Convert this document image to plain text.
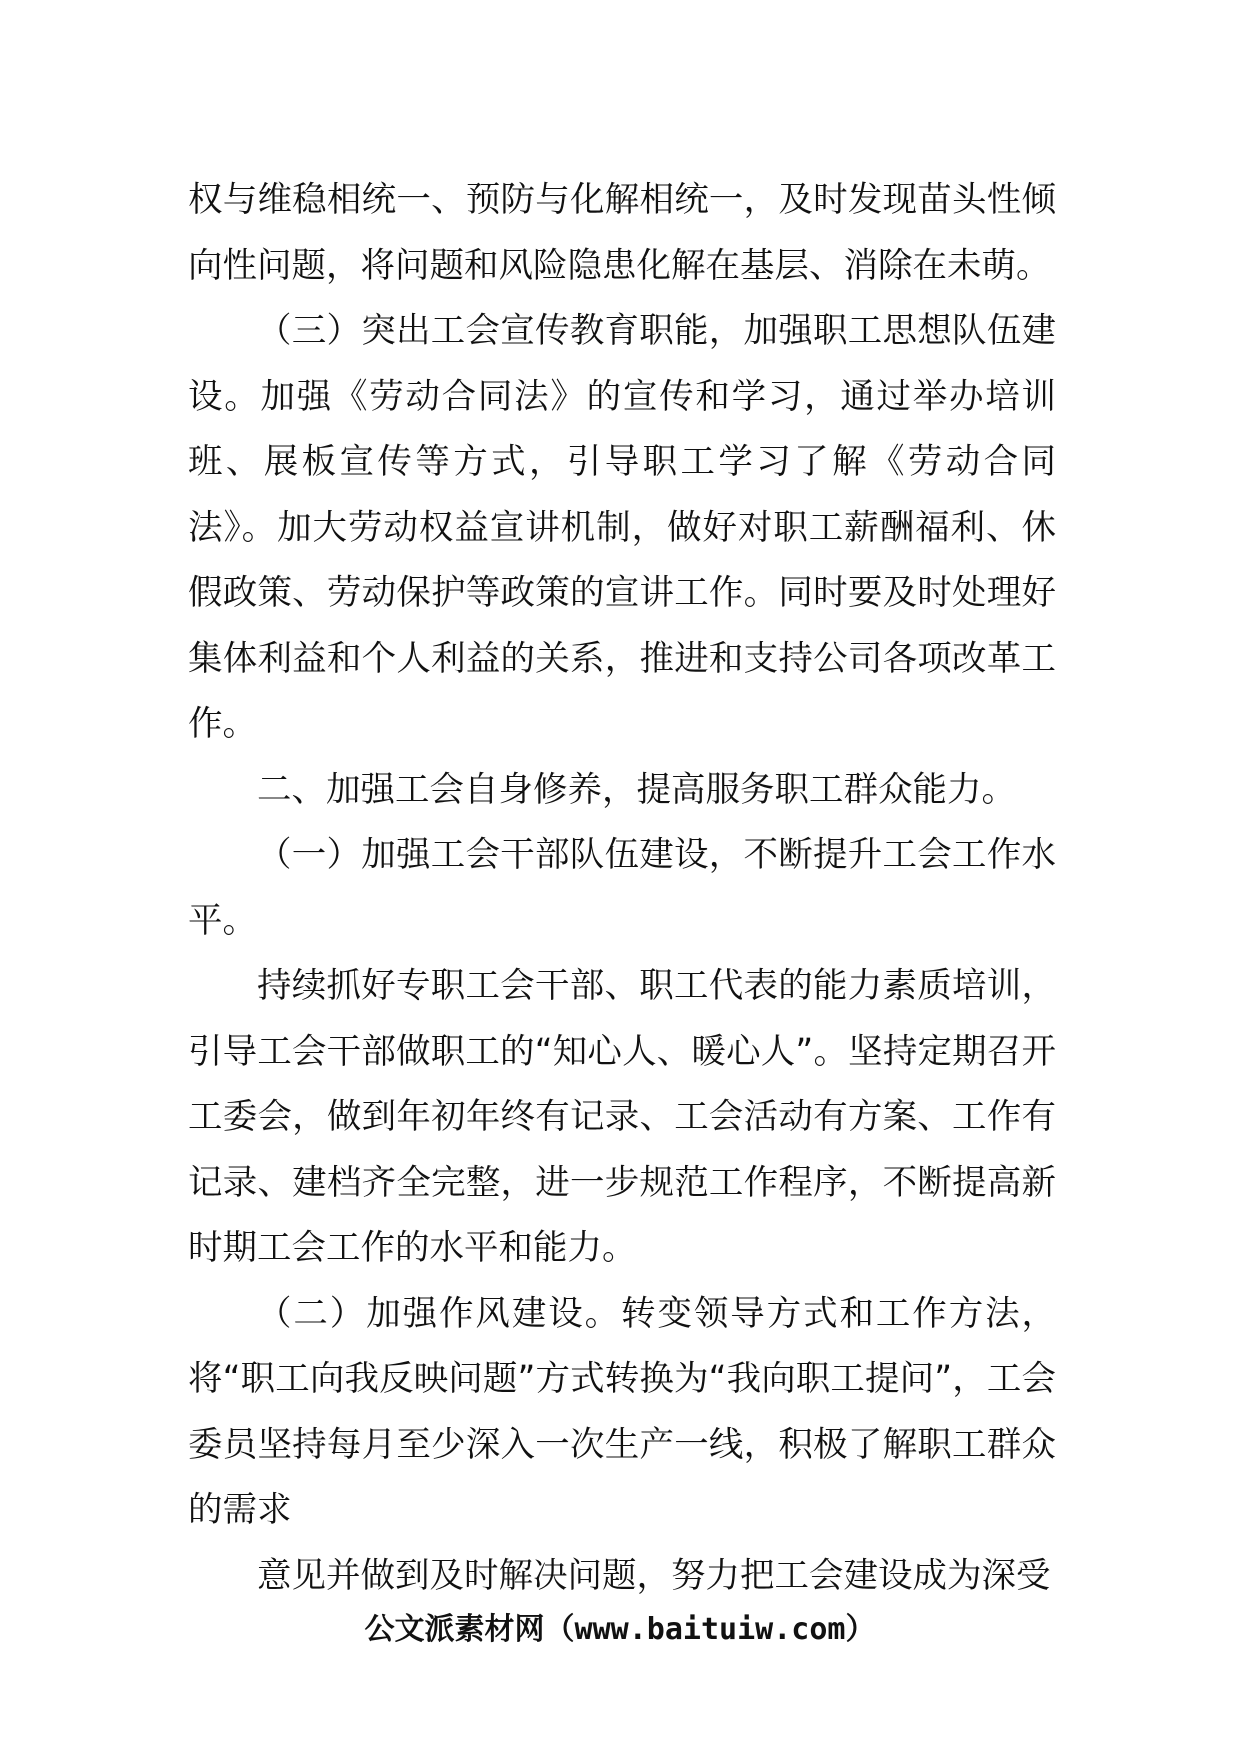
权与维稳相统一、预防与化解相统一，及时发现苗头性倾向性问题，将问题和风险隐患化解在基层、消除在未萌。

（三）突出工会宣传教育职能，加强职工思想队伍建设。加强《劳动合同法》的宣传和学习，通过举办培训班、展板宣传等方式，引导职工学习了解《劳动合同法》。加大劳动权益宣讲机制，做好对职工薪酬福利、休假政策、劳动保护等政策的宣讲工作。同时要及时处理好集体利益和个人利益的关系，推进和支持公司各项改革工作。

二、加强工会自身修养，提高服务职工群众能力。

（一）加强工会干部队伍建设，不断提升工会工作水平。

持续抓好专职工会干部、职工代表的能力素质培训，引导工会干部做职工的“知心人、暖心人”。坚持定期召开工委会，做到年初年终有记录、工会活动有方案、工作有记录、建档齐全完整，进一步规范工作程序，不断提高新时期工会工作的水平和能力。

（二）加强作风建设。转变领导方式和工作方法，将“职工向我反映问题”方式转换为“我向职工提问”，工会委员坚持每月至少深入一次生产一线，积极了解职工群众的需求

意见并做到及时解决问题，努力把工会建设成为深受

公文派素材网（www.baituiw.com）
